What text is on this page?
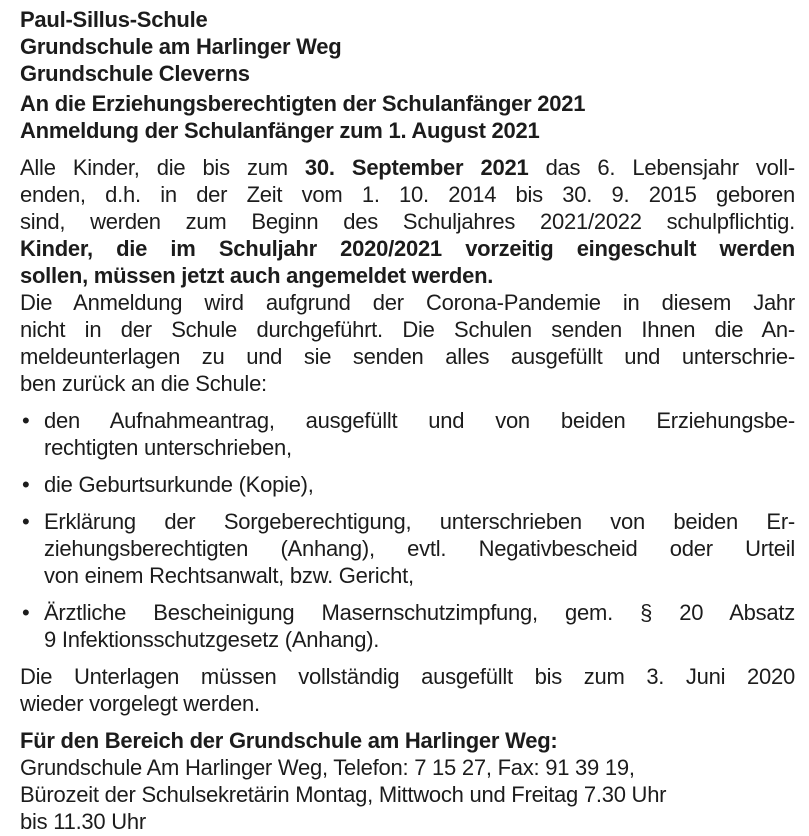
Paul-Sillus-Schule
Grundschule am Harlinger Weg
Grundschule Cleverns
An die Erziehungsberechtigten der Schulanfänger 2021
Anmeldung der Schulanfänger zum 1. August 2021
Alle Kinder, die bis zum 30. September 2021 das 6. Lebensjahr voll-
enden, d.h. in der Zeit vom 1. 10. 2014 bis 30. 9. 2015 geboren
sind, werden zum Beginn des Schuljahres 2021/2022 schulpflichtig.
Kinder, die im Schuljahr 2020/2021 vorzeitig eingeschult werden
sollen, müssen jetzt auch angemeldet werden.
Die Anmeldung wird aufgrund der Corona-Pandemie in diesem Jahr
nicht in der Schule durchgeführt. Die Schulen senden Ihnen die An-
meldeunterlagen zu und sie senden alles ausgefüllt und unterschrie-
ben zurück an die Schule:
• den Aufnahmeantrag, ausgefüllt und von beiden Erziehungsbe-
rechtigten unterschrieben,
• die Geburtsurkunde (Kopie),
• Erklärung der Sorgeberechtigung, unterschrieben von beiden Er-
ziehungsberechtigten (Anhang), evtl. Negativbescheid oder Urteil
von einem Rechtsanwalt, bzw. Gericht,
• Ärztliche Bescheinigung Masernschutzimpfung, gem. § 20 Absatz
9 Infektionsschutzgesetz (Anhang).
Die Unterlagen müssen vollständig ausgefüllt bis zum 3. Juni 2020
wieder vorgelegt werden.
Für den Bereich der Grundschule am Harlinger Weg:
Grundschule Am Harlinger Weg, Telefon: 7 15 27, Fax: 91 39 19,
Bürozeit der Schulsekretärin Montag, Mittwoch und Freitag 7.30 Uhr
bis 11.30 Uhr
